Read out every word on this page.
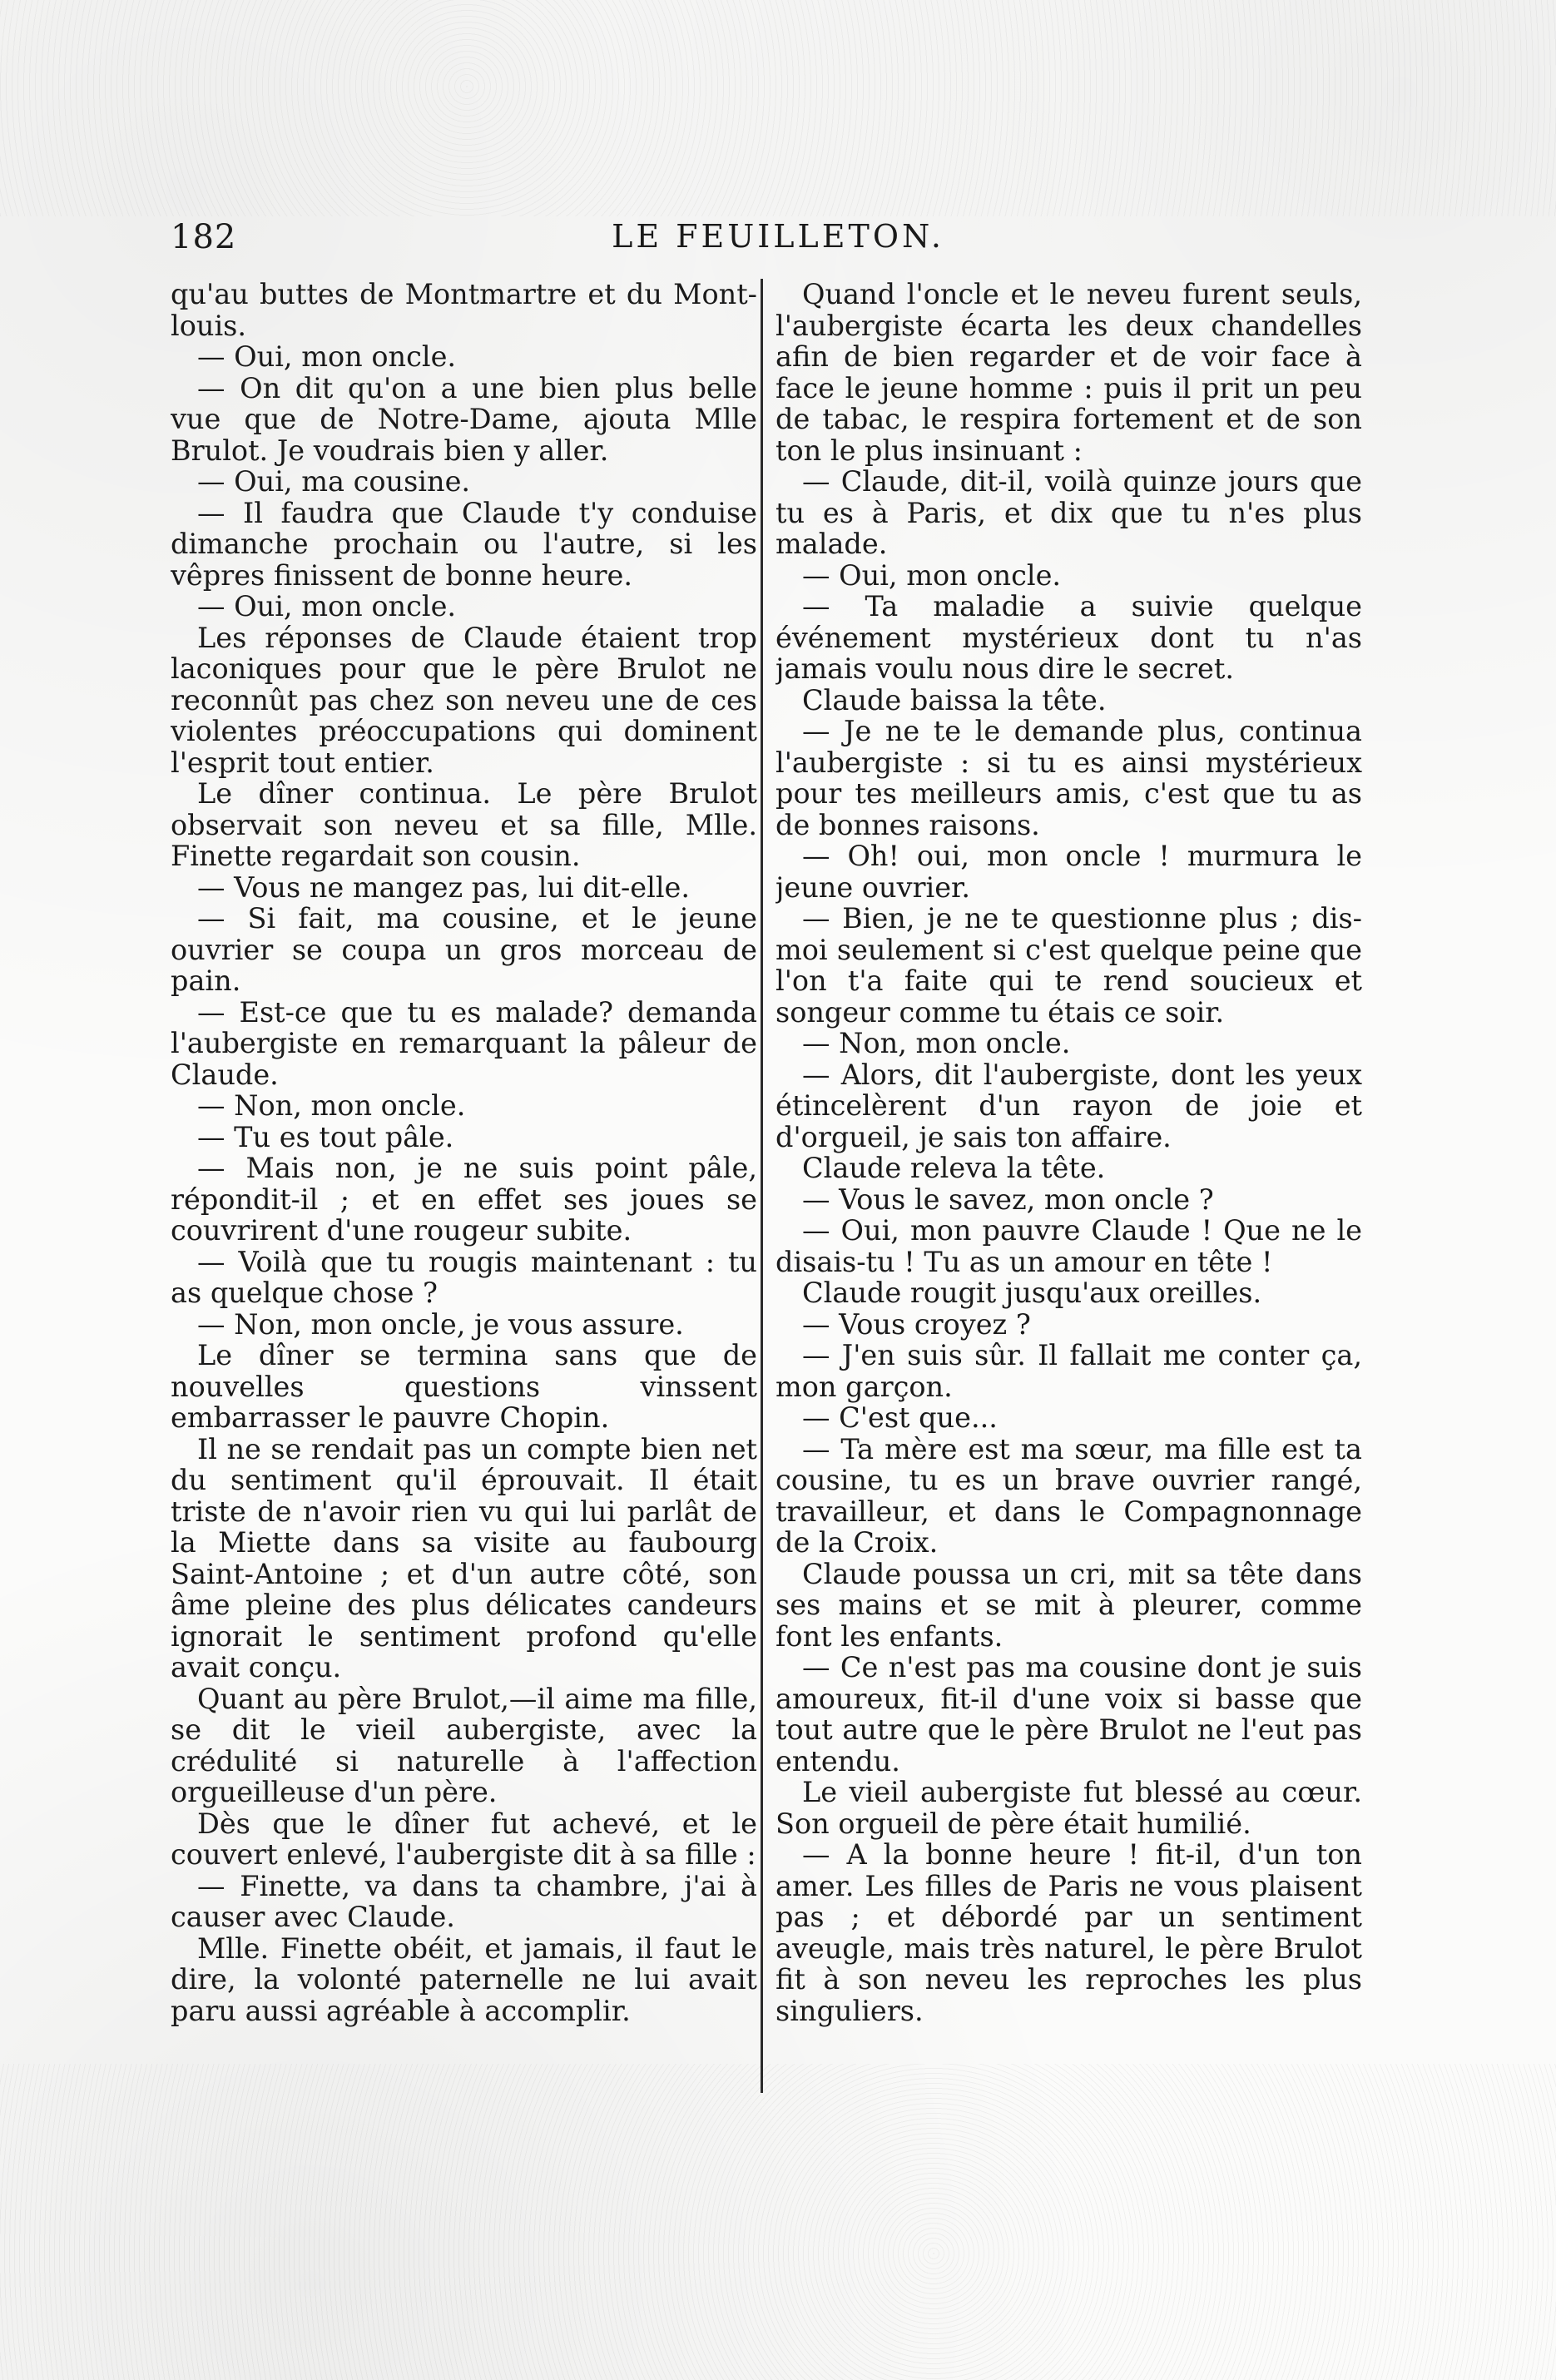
182	LE FEUILLETON.

qu'au buttes de Montmartre et du Mont-louis.

— Oui, mon oncle.

— On dit qu'on a une bien plus belle vue que de Notre-Dame, ajouta Mlle Brulot. Je voudrais bien y aller.

— Oui, ma cousine.

— Il faudra que Claude t'y conduise dimanche prochain ou l'autre, si les vêpres finissent de bonne heure.

— Oui, mon oncle.

Les réponses de Claude étaient trop laconiques pour que le père Brulot ne reconnût pas chez son neveu une de ces violentes préoccupations qui dominent l'esprit tout entier.

Le dîner continua. Le père Brulot observait son neveu et sa fille, Mlle. Finette regardait son cousin.

— Vous ne mangez pas, lui dit-elle.

— Si fait, ma cousine, et le jeune ouvrier se coupa un gros morceau de pain.

— Est-ce que tu es malade? demanda l'aubergiste en remarquant la pâleur de Claude.

— Non, mon oncle.

— Tu es tout pâle.

— Mais non, je ne suis point pâle, répondit-il ; et en effet ses joues se couvrirent d'une rougeur subite.

— Voilà que tu rougis maintenant : tu as quelque chose ?

— Non, mon oncle, je vous assure.

Le dîner se termina sans que de nouvelles questions vinssent embarrasser le pauvre Chopin.

Il ne se rendait pas un compte bien net du sentiment qu'il éprouvait. Il était triste de n'avoir rien vu qui lui parlât de la Miette dans sa visite au faubourg Saint-Antoine ; et d'un autre côté, son âme pleine des plus délicates candeurs ignorait le sentiment profond qu'elle avait conçu.

Quant au père Brulot,—il aime ma fille, se dit le vieil aubergiste, avec la crédulité si naturelle à l'affection orgueilleuse d'un père.

Dès que le dîner fut achevé, et le couvert enlevé, l'aubergiste dit à sa fille :

— Finette, va dans ta chambre, j'ai à causer avec Claude.

Mlle. Finette obéit, et jamais, il faut le dire, la volonté paternelle ne lui avait paru aussi agréable à accomplir.

Quand l'oncle et le neveu furent seuls, l'aubergiste écarta les deux chandelles afin de bien regarder et de voir face à face le jeune homme : puis il prit un peu de tabac, le respira fortement et de son ton le plus insinuant :

— Claude, dit-il, voilà quinze jours que tu es à Paris, et dix que tu n'es plus malade.

— Oui, mon oncle.

— Ta maladie a suivie quelque événement mystérieux dont tu n'as jamais voulu nous dire le secret.

Claude baissa la tête.

— Je ne te le demande plus, continua l'aubergiste : si tu es ainsi mystérieux pour tes meilleurs amis, c'est que tu as de bonnes raisons.

— Oh! oui, mon oncle ! murmura le jeune ouvrier.

— Bien, je ne te questionne plus ; dis-moi seulement si c'est quelque peine que l'on t'a faite qui te rend soucieux et songeur comme tu étais ce soir.

— Non, mon oncle.

— Alors, dit l'aubergiste, dont les yeux étincelèrent d'un rayon de joie et d'orgueil, je sais ton affaire.

Claude releva la tête.

— Vous le savez, mon oncle ?

— Oui, mon pauvre Claude ! Que ne le disais-tu ! Tu as un amour en tête !

Claude rougit jusqu'aux oreilles.

— Vous croyez ?

— J'en suis sûr. Il fallait me conter ça, mon garçon.

— C'est que...

— Ta mère est ma sœur, ma fille est ta cousine, tu es un brave ouvrier rangé, travailleur, et dans le Compagnonnage de la Croix.

Claude poussa un cri, mit sa tête dans ses mains et se mit à pleurer, comme font les enfants.

— Ce n'est pas ma cousine dont je suis amoureux, fit-il d'une voix si basse que tout autre que le père Brulot ne l'eut pas entendu.

Le vieil aubergiste fut blessé au cœur. Son orgueil de père était humilié.

— A la bonne heure ! fit-il, d'un ton amer. Les filles de Paris ne vous plaisent pas ; et débordé par un sentiment aveugle, mais très naturel, le père Brulot fit à son neveu les reproches les plus singuliers.
